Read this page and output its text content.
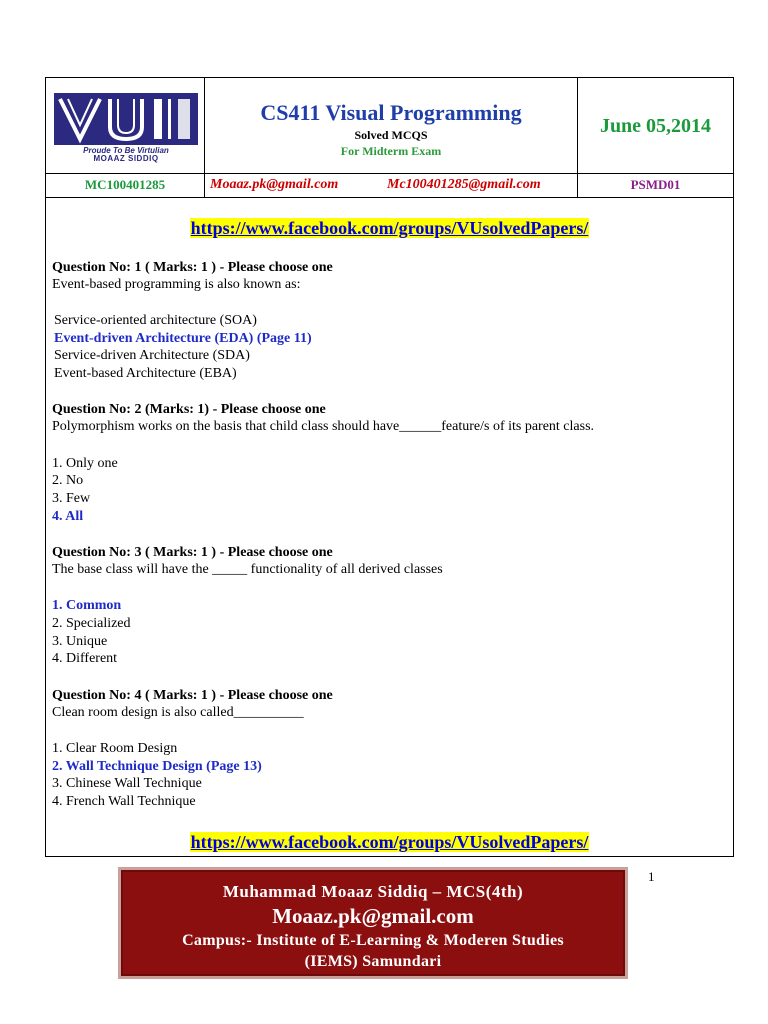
Proude To Be Virtulian
MOAAZ SIDDIQ
CS411 Visual Programming
Solved MCQS
For Midterm Exam
June 05,2014
MC100401285	Moaaz.pk@gmail.com	Mc100401285@gmail.com	PSMD01
https://www.facebook.com/groups/VUsolvedPapers/
Question No: 1 ( Marks: 1 ) - Please choose one
Event-based programming is also known as:
Service-oriented architecture (SOA)
Event-driven Architecture (EDA) (Page 11)
Service-driven Architecture (SDA)
Event-based Architecture (EBA)
Question No: 2 (Marks: 1) - Please choose one
Polymorphism works on the basis that child class should have______feature/s of its parent class.
1. Only one
2. No
3. Few
4. All
Question No: 3 ( Marks: 1 ) - Please choose one
The base class will have the _____ functionality of all derived classes
1. Common
2. Specialized
3. Unique
4. Different
Question No: 4 ( Marks: 1 ) - Please choose one
Clean room design is also called__________
1. Clear Room Design
2. Wall Technique Design (Page 13)
3. Chinese Wall Technique
4. French Wall Technique
https://www.facebook.com/groups/VUsolvedPapers/
Muhammad Moaaz Siddiq – MCS(4th)
Moaaz.pk@gmail.com
Campus:- Institute of E-Learning & Moderen Studies
(IEMS) Samundari
1
